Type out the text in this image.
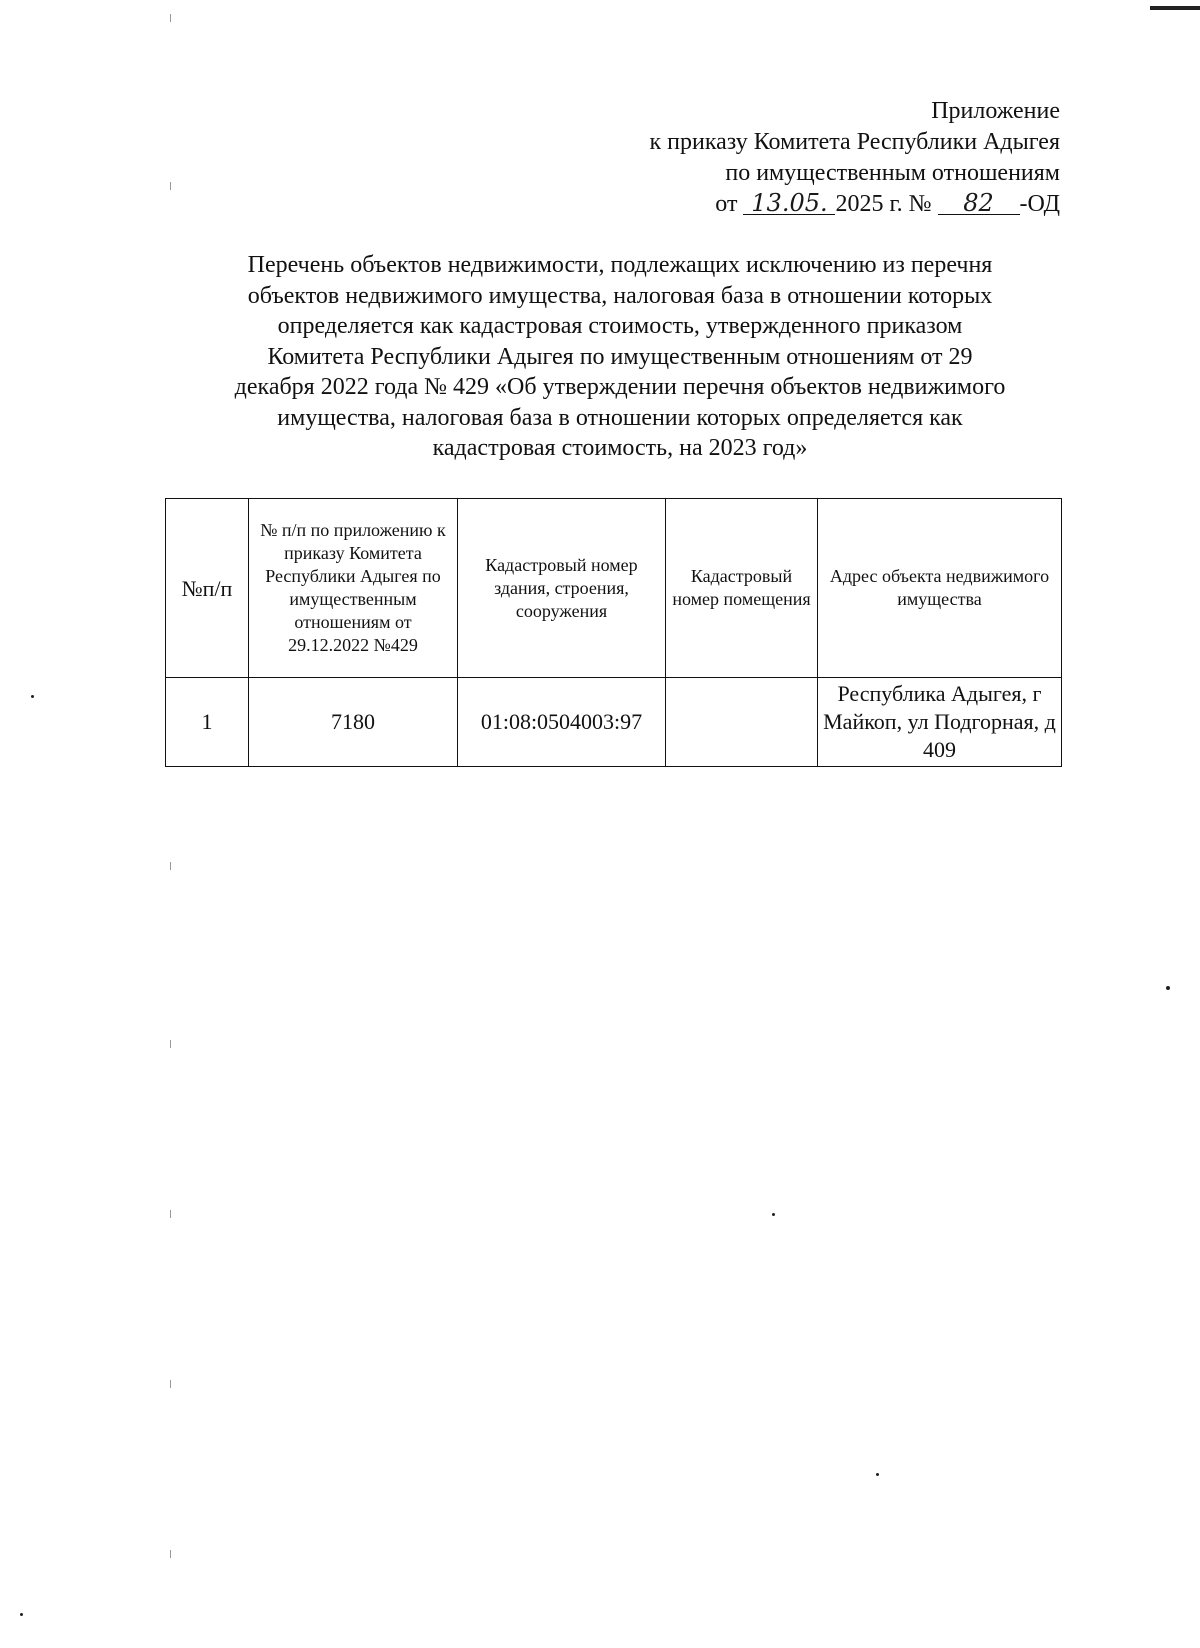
Приложение
к приказу Комитета Республики Адыгея
по имущественным отношениям
от 13.05. 2025 г. № 82 -ОД
Перечень объектов недвижимости, подлежащих исключению из перечня
объектов недвижимого имущества, налоговая база в отношении которых
определяется как кадастровая стоимость, утвержденного приказом
Комитета Республики Адыгея по имущественным отношениям от 29
декабря 2022 года № 429 «Об утверждении перечня объектов недвижимого
имущества, налоговая база в отношении которых определяется как
кадастровая стоимость, на 2023 год»
№п/п	№ п/п по приложению к приказу Комитета Республики Адыгея по имущественным отношениям от 29.12.2022 №429	Кадастровый номер здания, строения, сооружения	Кадастровый номер помещения	Адрес объекта недвижимого имущества
1	7180	01:08:0504003:97		Республика Адыгея, г Майкоп, ул Подгорная, д 409
